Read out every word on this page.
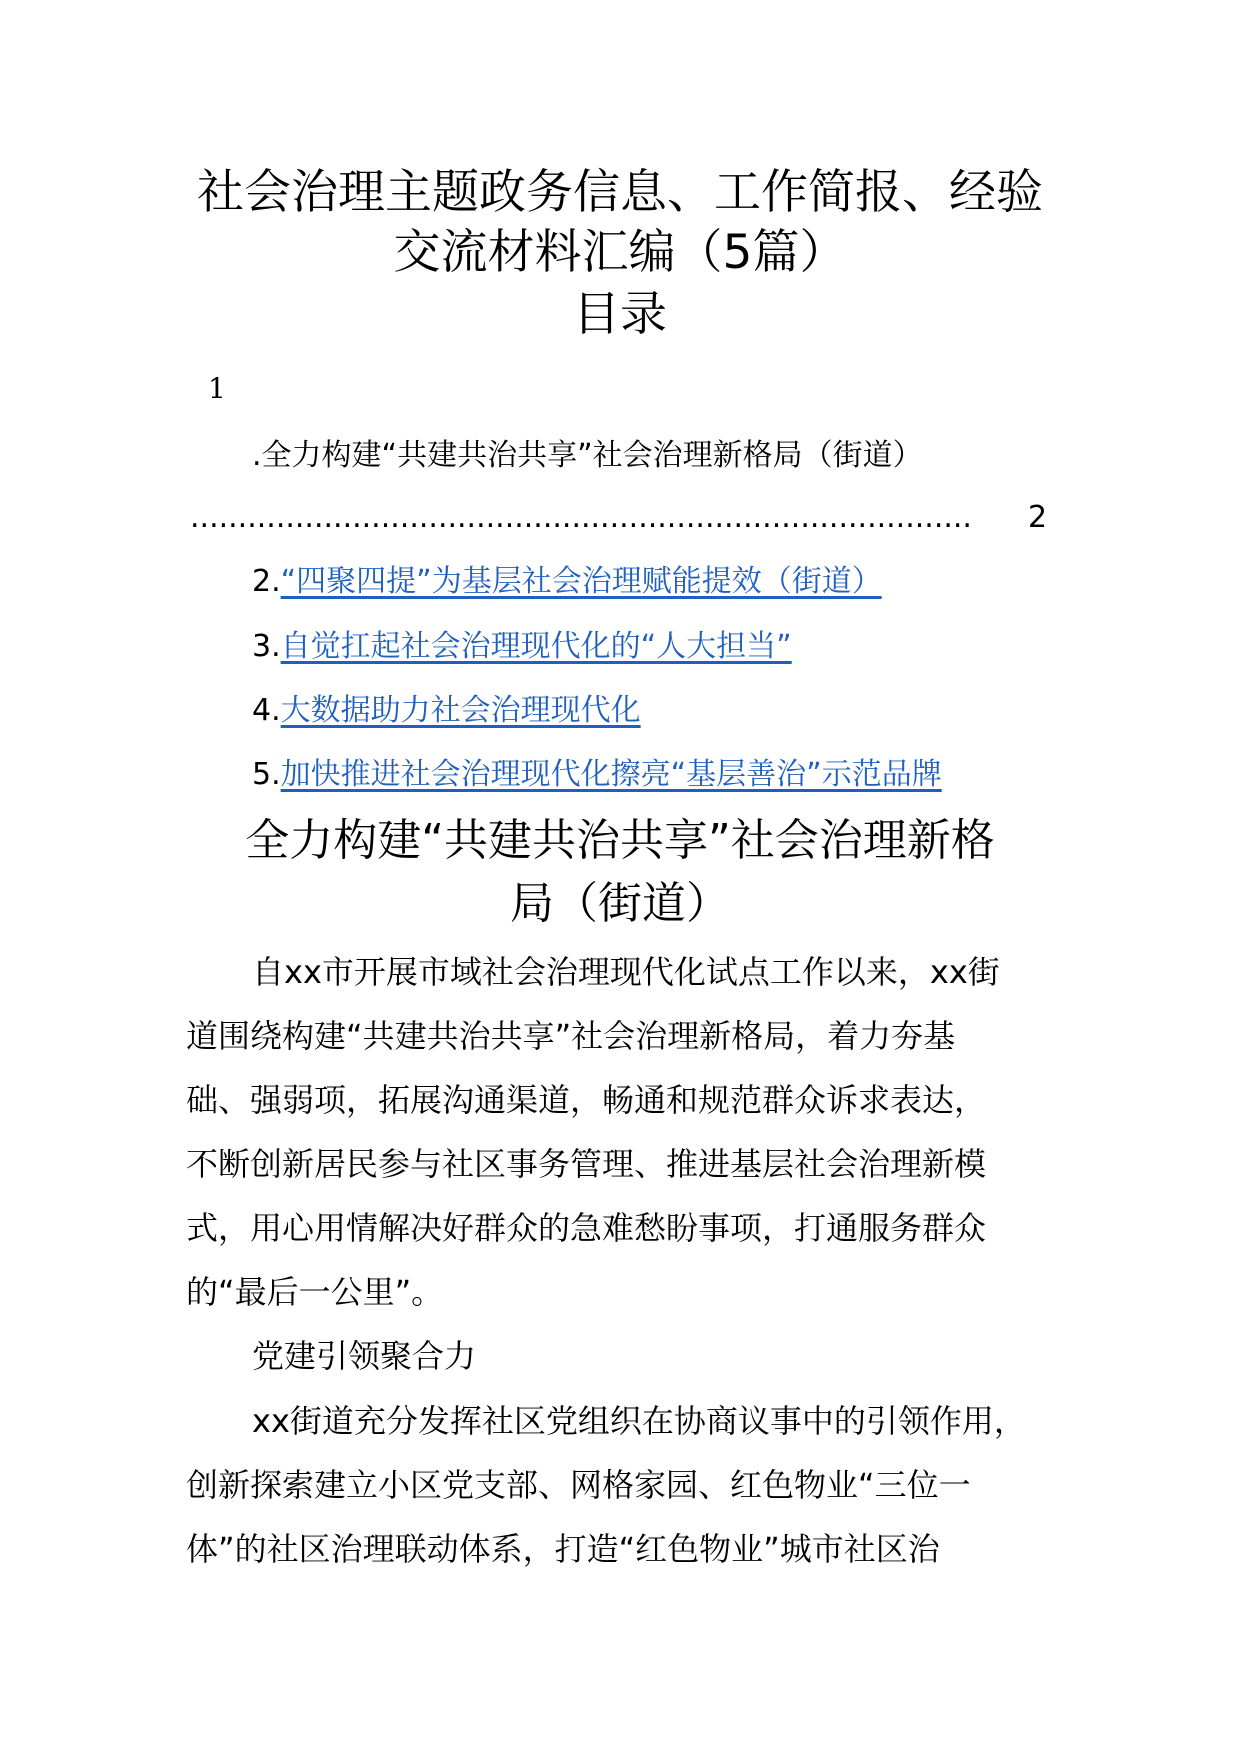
社会治理主题政务信息、工作简报、经验
交流材料汇编（5篇）
目录
1
.全力构建“共建共治共享”社会治理新格局（街道）
..................................................................................	2
2.“四聚四提”为基层社会治理赋能提效（街道）
3.自觉扛起社会治理现代化的“人大担当”
4.大数据助力社会治理现代化
5.加快推进社会治理现代化擦亮“基层善治”示范品牌
全力构建“共建共治共享”社会治理新格
局（街道）
自xx市开展市域社会治理现代化试点工作以来，xx街
道围绕构建“共建共治共享”社会治理新格局，着力夯基
础、强弱项，拓展沟通渠道，畅通和规范群众诉求表达，
不断创新居民参与社区事务管理、推进基层社会治理新模
式，用心用情解决好群众的急难愁盼事项，打通服务群众
的“最后一公里”。
党建引领聚合力
xx街道充分发挥社区党组织在协商议事中的引领作用，
创新探索建立小区党支部、网格家园、红色物业“三位一
体”的社区治理联动体系，打造“红色物业”城市社区治
